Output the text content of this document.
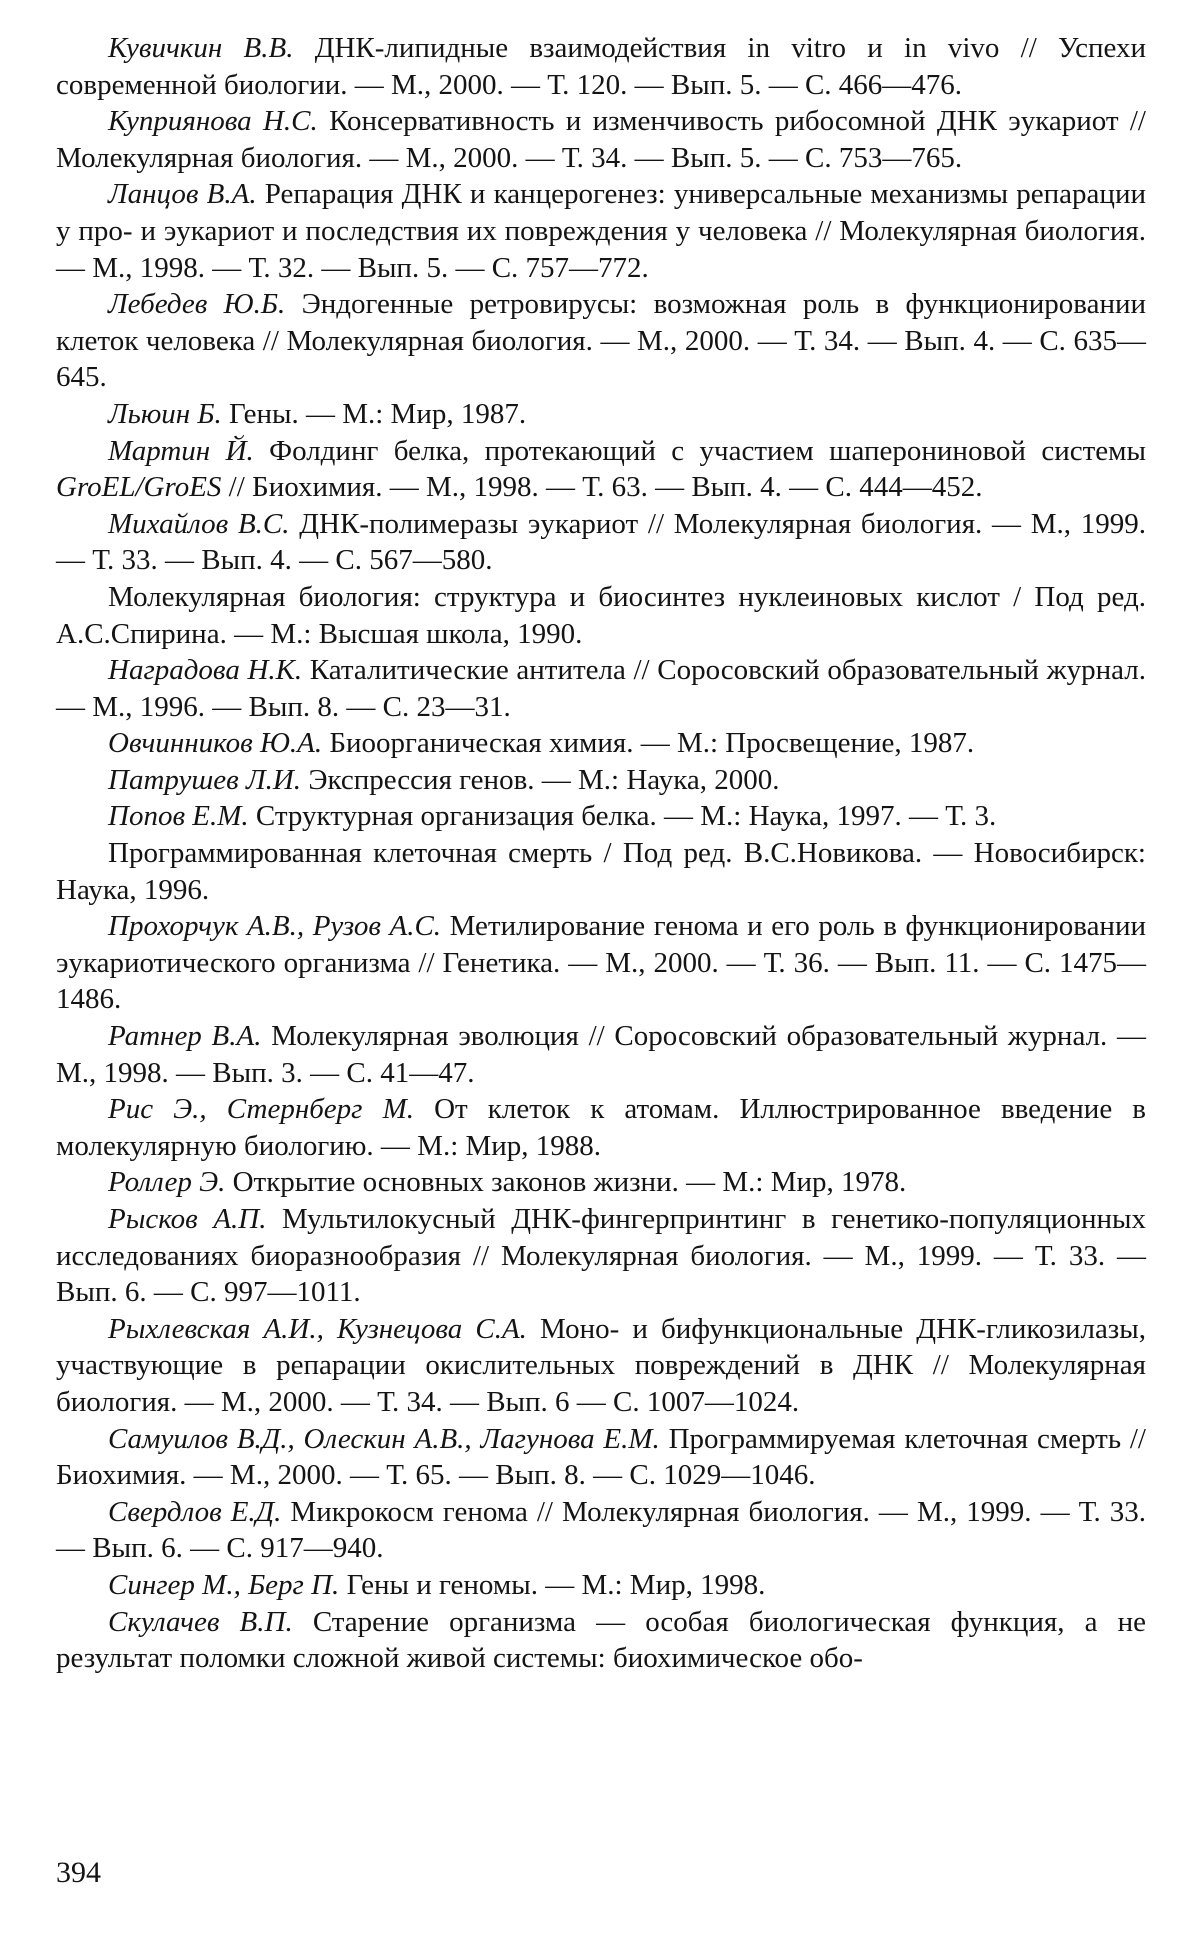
Кувичкин В.В. ДНК-липидные взаимодействия in vitro и in vivo // Успехи современной биологии. — М., 2000. — Т. 120. — Вып. 5. — С. 466—476.

Куприянова Н.С. Консервативность и изменчивость рибосомной ДНК эукариот // Молекулярная биология. — М., 2000. — Т. 34. — Вып. 5. — С. 753—765.

Ланцов В.А. Репарация ДНК и канцерогенез: универсальные механизмы репарации у про- и эукариот и последствия их повреждения у человека // Молекулярная биология. — М., 1998. — Т. 32. — Вып. 5. — С. 757—772.

Лебедев Ю.Б. Эндогенные ретровирусы: возможная роль в функционировании клеток человека // Молекулярная биология. — М., 2000. — Т. 34. — Вып. 4. — С. 635—645.

Льюин Б. Гены. — М.: Мир, 1987.

Мартин Й. Фолдинг белка, протекающий с участием шаперониновой системы GroEL/GroES // Биохимия. — М., 1998. — Т. 63. — Вып. 4. — С. 444—452.

Михайлов В.С. ДНК-полимеразы эукариот // Молекулярная биология. — М., 1999. — Т. 33. — Вып. 4. — С. 567—580.

Молекулярная биология: структура и биосинтез нуклеиновых кислот / Под ред. А.С.Спирина. — М.: Высшая школа, 1990.

Наградова Н.К. Каталитические антитела // Соросовский образовательный журнал. — М., 1996. — Вып. 8. — С. 23—31.

Овчинников Ю.А. Биоорганическая химия. — М.: Просвещение, 1987.

Патрушев Л.И. Экспрессия генов. — М.: Наука, 2000.

Попов Е.М. Структурная организация белка. — М.: Наука, 1997. — Т. 3.

Программированная клеточная смерть / Под ред. В.С.Новикова. — Новосибирск: Наука, 1996.

Прохорчук А.В., Рузов А.С. Метилирование генома и его роль в функционировании эукариотического организма // Генетика. — М., 2000. — Т. 36. — Вып. 11. — С. 1475—1486.

Ратнер В.А. Молекулярная эволюция // Соросовский образовательный журнал. — М., 1998. — Вып. 3. — С. 41—47.

Рис Э., Стернберг М. От клеток к атомам. Иллюстрированное введение в молекулярную биологию. — М.: Мир, 1988.

Роллер Э. Открытие основных законов жизни. — М.: Мир, 1978.

Рысков А.П. Мультилокусный ДНК-фингерпринтинг в генетико-популяционных исследованиях биоразнообразия // Молекулярная биология. — М., 1999. — Т. 33. — Вып. 6. — С. 997—1011.

Рыхлевская А.И., Кузнецова С.А. Моно- и бифункциональные ДНК-гликозилазы, участвующие в репарации окислительных повреждений в ДНК // Молекулярная биология. — М., 2000. — Т. 34. — Вып. 6 — С. 1007—1024.

Самуилов В.Д., Олескин А.В., Лагунова Е.М. Программируемая клеточная смерть // Биохимия. — М., 2000. — Т. 65. — Вып. 8. — С. 1029—1046.

Свердлов Е.Д. Микрокосм генома // Молекулярная биология. — М., 1999. — Т. 33. — Вып. 6. — С. 917—940.

Сингер М., Берг П. Гены и геномы. — М.: Мир, 1998.

Скулачев В.П. Старение организма — особая биологическая функция, а не результат поломки сложной живой системы: биохимическое обо-

394
